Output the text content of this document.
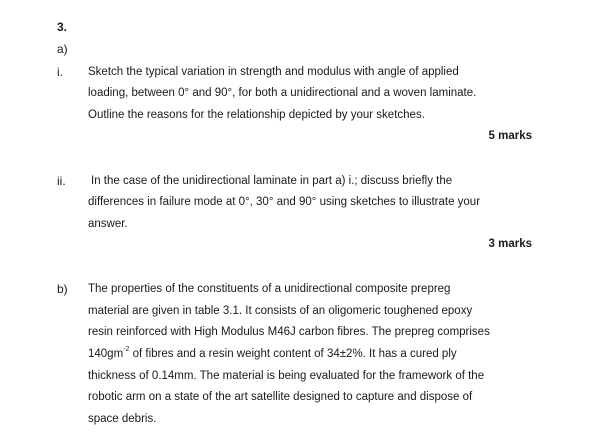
3.
a)
i. Sketch the typical variation in strength and modulus with angle of applied
loading, between 0° and 90°, for both a unidirectional and a woven laminate.
Outline the reasons for the relationship depicted by your sketches.
5 marks
ii. In the case of the unidirectional laminate in part a) i.; discuss briefly the
differences in failure mode at 0°, 30° and 90° using sketches to illustrate your
answer.
3 marks
b) The properties of the constituents of a unidirectional composite prepreg
material are given in table 3.1. It consists of an oligomeric toughened epoxy
resin reinforced with High Modulus M46J carbon fibres. The prepreg comprises
$140gm^{-2}$ of fibres and a resin weight content of 34±2%. It has a cured ply
thickness of 0.14mm. The material is being evaluated for the framework of the
robotic arm on a state of the art satellite designed to capture and dispose of
space debris.
